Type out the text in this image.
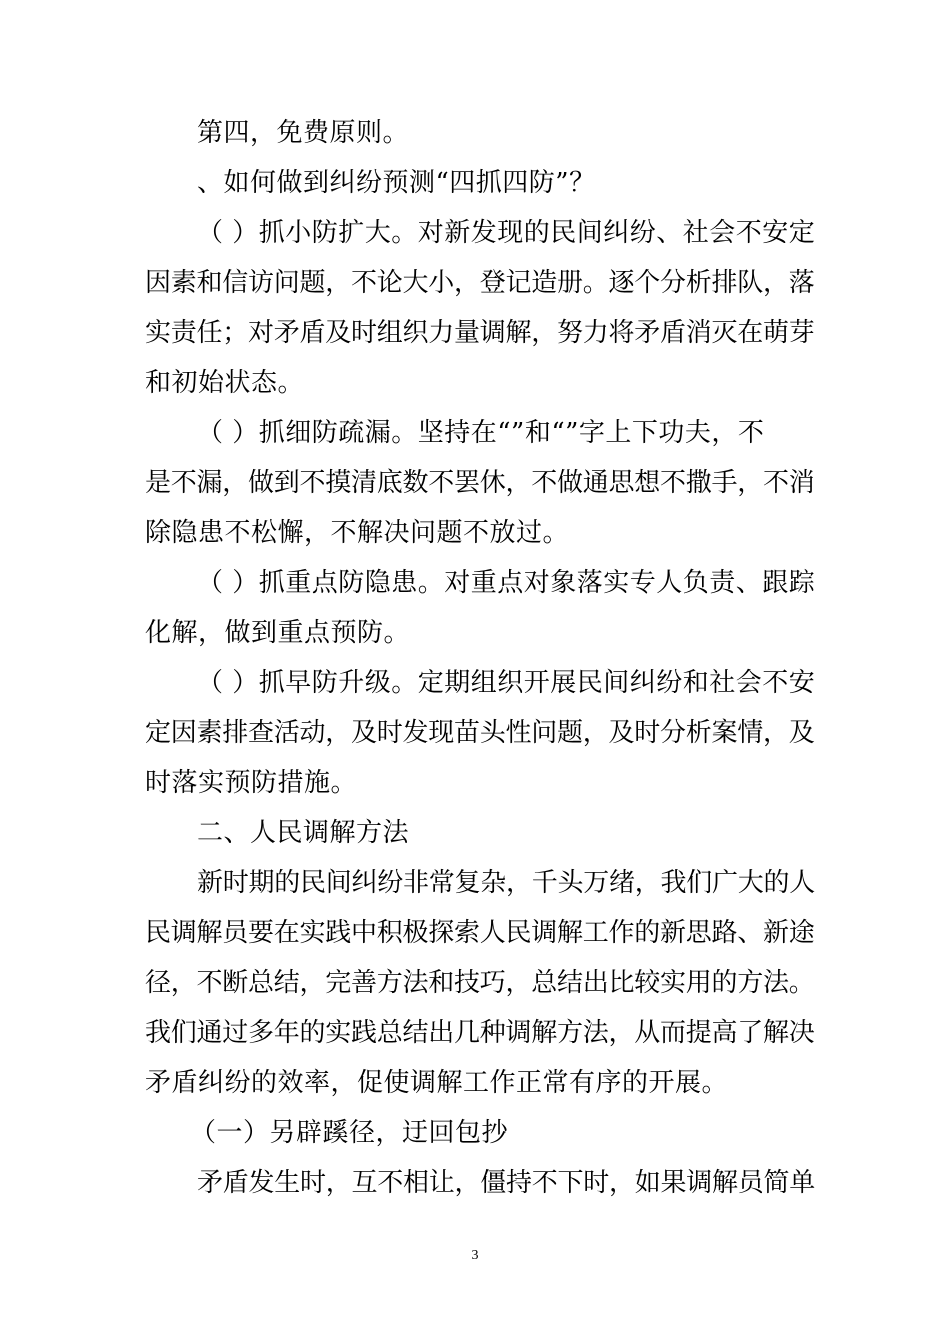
第四，免费原则。
、如何做到纠纷预测“四抓四防”？
（ ）抓小防扩大。对新发现的民间纠纷、社会不安定
因素和信访问题，不论大小，登记造册。逐个分析排队，落
实责任；对矛盾及时组织力量调解，努力将矛盾消灭在萌芽
和初始状态。
（ ）抓细防疏漏。坚持在“”和“”字上下功夫，不
是不漏，做到不摸清底数不罢休，不做通思想不撒手，不消
除隐患不松懈，不解决问题不放过。
（ ）抓重点防隐患。对重点对象落实专人负责、跟踪
化解，做到重点预防。
（ ）抓早防升级。定期组织开展民间纠纷和社会不安
定因素排查活动，及时发现苗头性问题，及时分析案情，及
时落实预防措施。
二、人民调解方法
新时期的民间纠纷非常复杂，千头万绪，我们广大的人
民调解员要在实践中积极探索人民调解工作的新思路、新途
径，不断总结，完善方法和技巧，总结出比较实用的方法。
我们通过多年的实践总结出几种调解方法，从而提高了解决
矛盾纠纷的效率，促使调解工作正常有序的开展。
（一）另辟蹊径，迂回包抄
矛盾发生时，互不相让，僵持不下时，如果调解员简单
3
